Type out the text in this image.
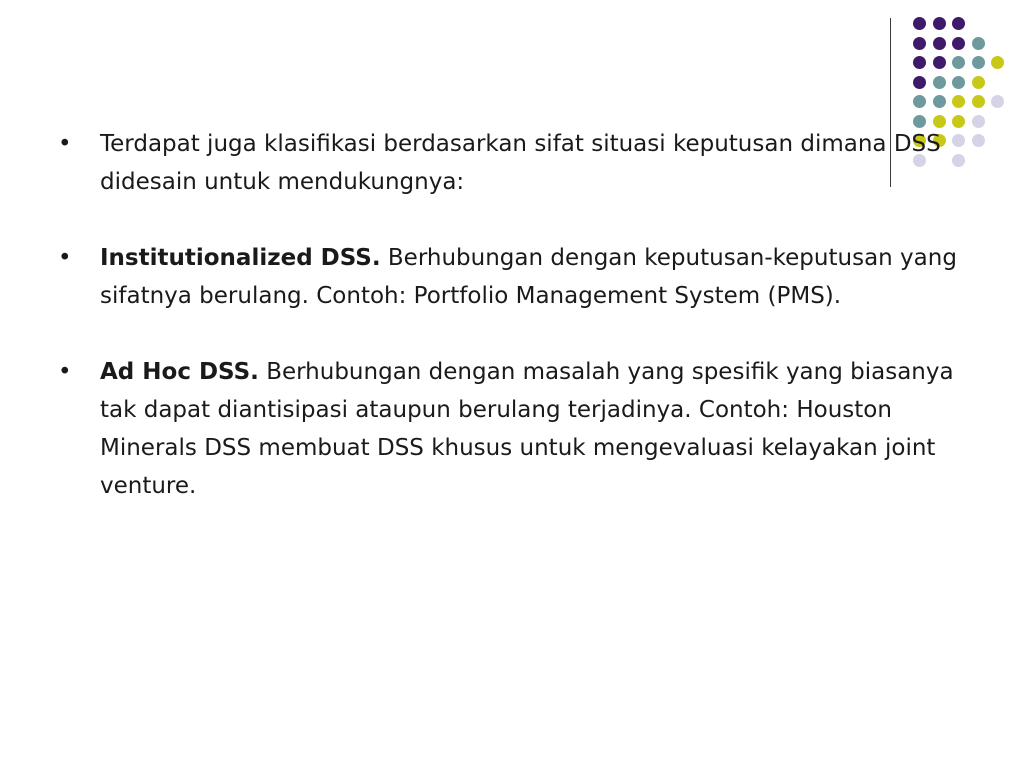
• Terdapat juga klasifikasi berdasarkan sifat situasi keputusan dimana DSS didesain untuk mendukungnya:
• Institutionalized DSS. Berhubungan dengan keputusan-keputusan yang sifatnya berulang. Contoh: Portfolio Management System (PMS).
• Ad Hoc DSS. Berhubungan dengan masalah yang spesifik yang biasanya tak dapat diantisipasi ataupun berulang terjadinya. Contoh: Houston Minerals DSS membuat DSS khusus untuk mengevaluasi kelayakan joint venture.
